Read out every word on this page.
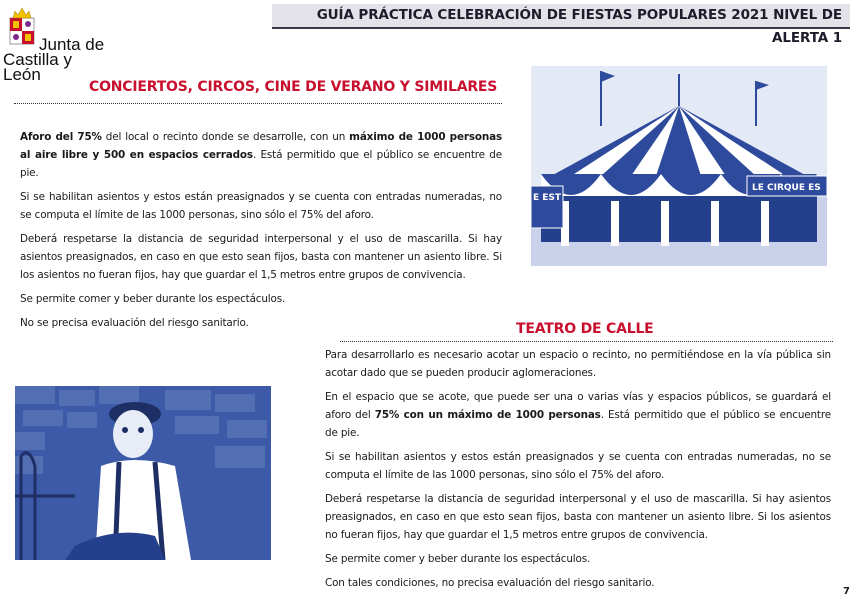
GUÍA PRÁCTICA CELEBRACIÓN DE FIESTAS POPULARES 2021 NIVEL DE ALERTA 1
Junta de
Castilla y León
CONCIERTOS, CIRCOS, CINE DE VERANO Y SIMILARES

Aforo del 75% del local o recinto donde se desarrolle, con un máximo de 1000 personas al aire libre y 500 en espacios cerrados. Está permitido que el público se encuentre de pie.

Si se habilitan asientos y estos están preasignados y se cuenta con entradas numeradas, no se computa el límite de las 1000 personas, sino sólo el 75% del aforo.

Deberá respetarse la distancia de seguridad interpersonal y el uso de mascarilla. Si hay asientos preasignados, en caso en que esto sean fijos, basta con mantener un asiento libre. Si los asientos no fueran fijos, hay que guardar el 1,5 metros entre grupos de convivencia.

Se permite comer y beber durante los espectáculos.

No se precisa evaluación del riesgo sanitario.

E EST
LE CIRQUE ES
TEATRO DE CALLE

Para desarrollarlo es necesario acotar un espacio o recinto, no permitiéndose en la vía pública sin acotar dado que se pueden producir aglomeraciones.

En el espacio que se acote, que puede ser una o varias vías y espacios públicos, se guardará el aforo del 75% con un máximo de 1000 personas. Está permitido que el público se encuentre de pie.

Si se habilitan asientos y estos están preasignados y se cuenta con entradas numeradas, no se computa el límite de las 1000 personas, sino sólo el 75% del aforo.

Deberá respetarse la distancia de seguridad interpersonal y el uso de mascarilla. Si hay asientos preasignados, en caso en que esto sean fijos, basta con mantener un asiento libre. Si los asientos no fueran fijos, hay que guardar el 1,5 metros entre grupos de convivencia.

Se permite comer y beber durante los espectáculos.

Con tales condiciones, no precisa evaluación del riesgo sanitario.

7
